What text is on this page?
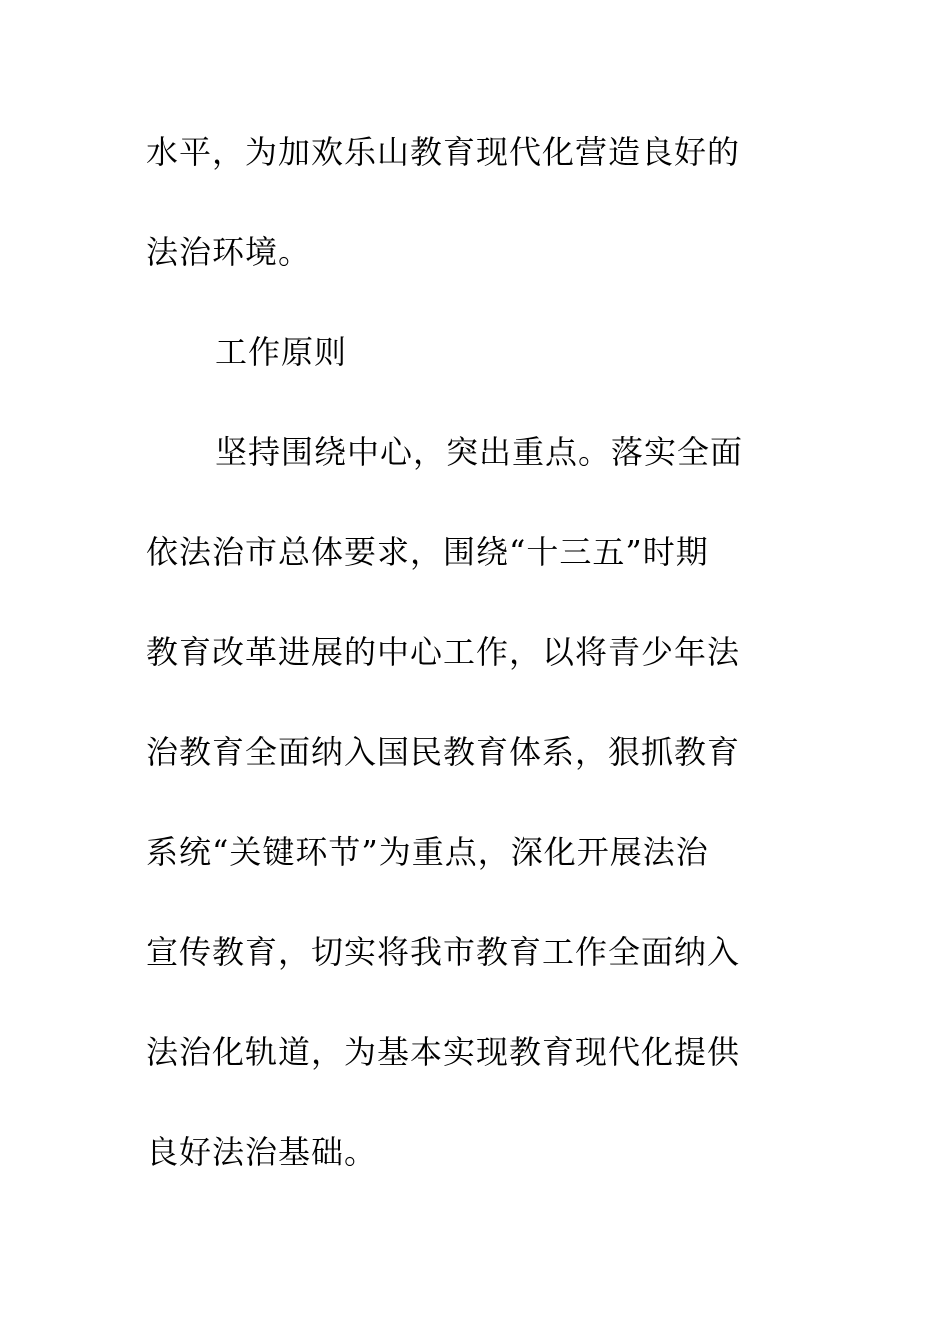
水平，为加欢乐山教育现代化营造良好的
法治环境。
工作原则
坚持围绕中心，突出重点。落实全面
依法治市总体要求，围绕“十三五”时期
教育改革进展的中心工作，以将青少年法
治教育全面纳入国民教育体系，狠抓教育
系统“关键环节”为重点，深化开展法治
宣传教育，切实将我市教育工作全面纳入
法治化轨道，为基本实现教育现代化提供
良好法治基础。
